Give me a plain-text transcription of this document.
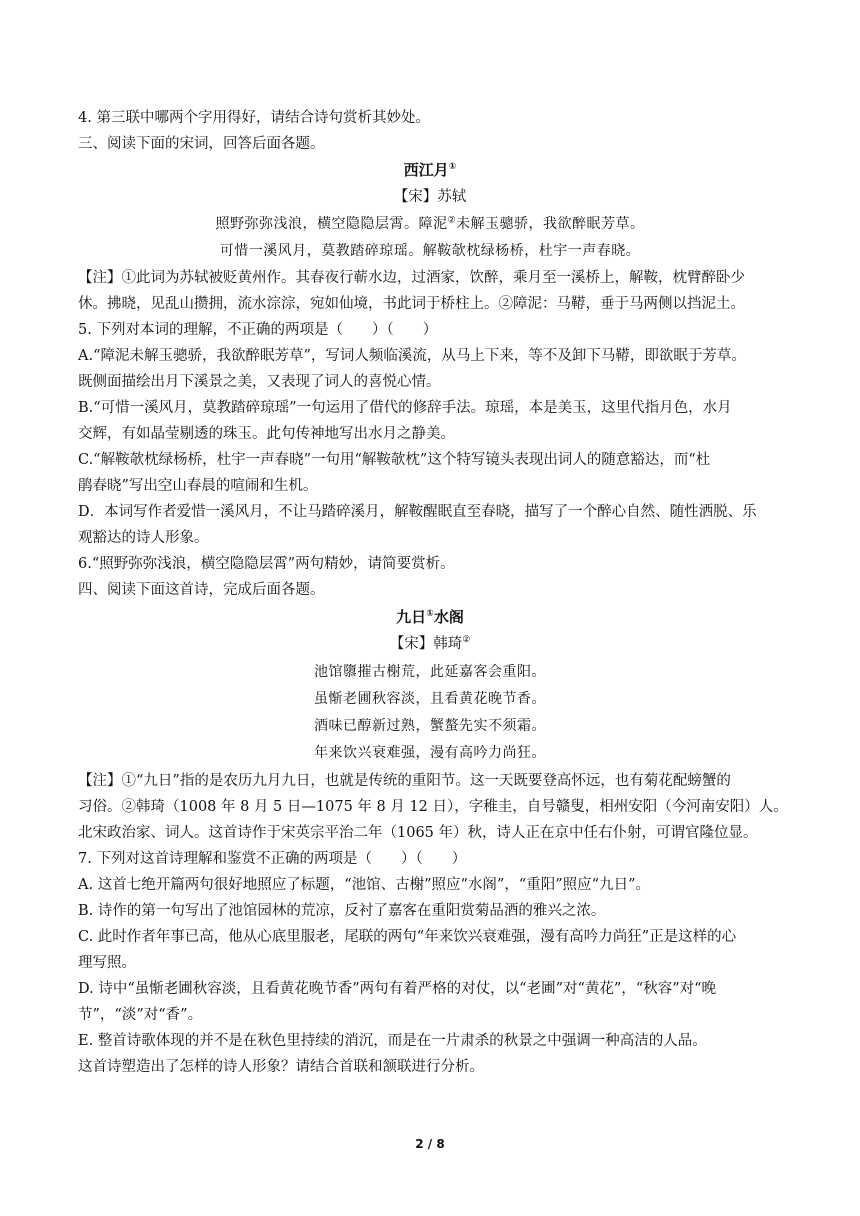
4. 第三联中哪两个字用得好，请结合诗句赏析其妙处。
三、阅读下面的宋词，回答后面各题。
西江月①
【宋】苏轼
照野弥弥浅浪，横空隐隐层霄。障泥②未解玉骢骄，我欲醉眠芳草。
可惜一溪风月，莫教踏碎琼瑶。解鞍欹枕绿杨桥，杜宇一声春晓。
【注】①此词为苏轼被贬黄州作。其春夜行蕲水边，过酒家，饮醉，乘月至一溪桥上，解鞍，枕臂醉卧少
休。拂晓，见乱山攒拥，流水淙淙，宛如仙境，书此词于桥柱上。②障泥：马鞯，垂于马两侧以挡泥土。
5. 下列对本词的理解，不正确的两项是（　　）（　　）
A.“障泥未解玉骢骄，我欲醉眠芳草”，写词人频临溪流，从马上下来，等不及卸下马鞯，即欲眠于芳草。
既侧面描绘出月下溪景之美，又表现了词人的喜悦心情。
B.“可惜一溪风月，莫教踏碎琼瑶”一句运用了借代的修辞手法。琼瑶，本是美玉，这里代指月色，水月
交辉，有如晶莹剔透的珠玉。此句传神地写出水月之静美。
C.“解鞍欹枕绿杨桥，杜宇一声春晓”一句用“解鞍欹枕”这个特写镜头表现出词人的随意豁达，而“杜
鹃春晓”写出空山春晨的喧闹和生机。
D．本词写作者爱惜一溪风月，不让马踏碎溪月，解鞍醒眠直至春晓，描写了一个醉心自然、随性洒脱、乐
观豁达的诗人形象。
6.“照野弥弥浅浪，横空隐隐层霄”两句精妙，请简要赏析。
四、阅读下面这首诗，完成后面各题。
九日①水阁
【宋】韩琦②
池馆隳摧古榭荒，此延嘉客会重阳。
虽惭老圃秋容淡，且看黄花晚节香。
酒味已醇新过熟，蟹螯先实不须霜。
年来饮兴衰难强，漫有高吟力尚狂。
【注】①“九日”指的是农历九月九日，也就是传统的重阳节。这一天既要登高怀远，也有菊花配螃蟹的
习俗。②韩琦（1008 年 8 月 5 日—1075 年 8 月 12 日），字稚圭，自号赣叟，相州安阳（今河南安阳）人。
北宋政治家、词人。这首诗作于宋英宗平治二年（1065 年）秋，诗人正在京中任右仆射，可谓官隆位显。
7. 下列对这首诗理解和鉴赏不正确的两项是（　　）（　　）
A. 这首七绝开篇两句很好地照应了标题，“池馆、古榭”照应“水阁”，“重阳”照应“九日”。
B. 诗作的第一句写出了池馆园林的荒凉，反衬了嘉客在重阳赏菊品酒的雅兴之浓。
C. 此时作者年事已高，他从心底里服老，尾联的两句“年来饮兴衰难强，漫有高吟力尚狂”正是这样的心
理写照。
D. 诗中“虽惭老圃秋容淡，且看黄花晚节香”两句有着严格的对仗，以“老圃”对“黄花”，“秋容”对“晚
节”，“淡”对“香”。
E. 整首诗歌体现的并不是在秋色里持续的消沉，而是在一片肃杀的秋景之中强调一种高洁的人品。
这首诗塑造出了怎样的诗人形象？请结合首联和颔联进行分析。
2 / 8
